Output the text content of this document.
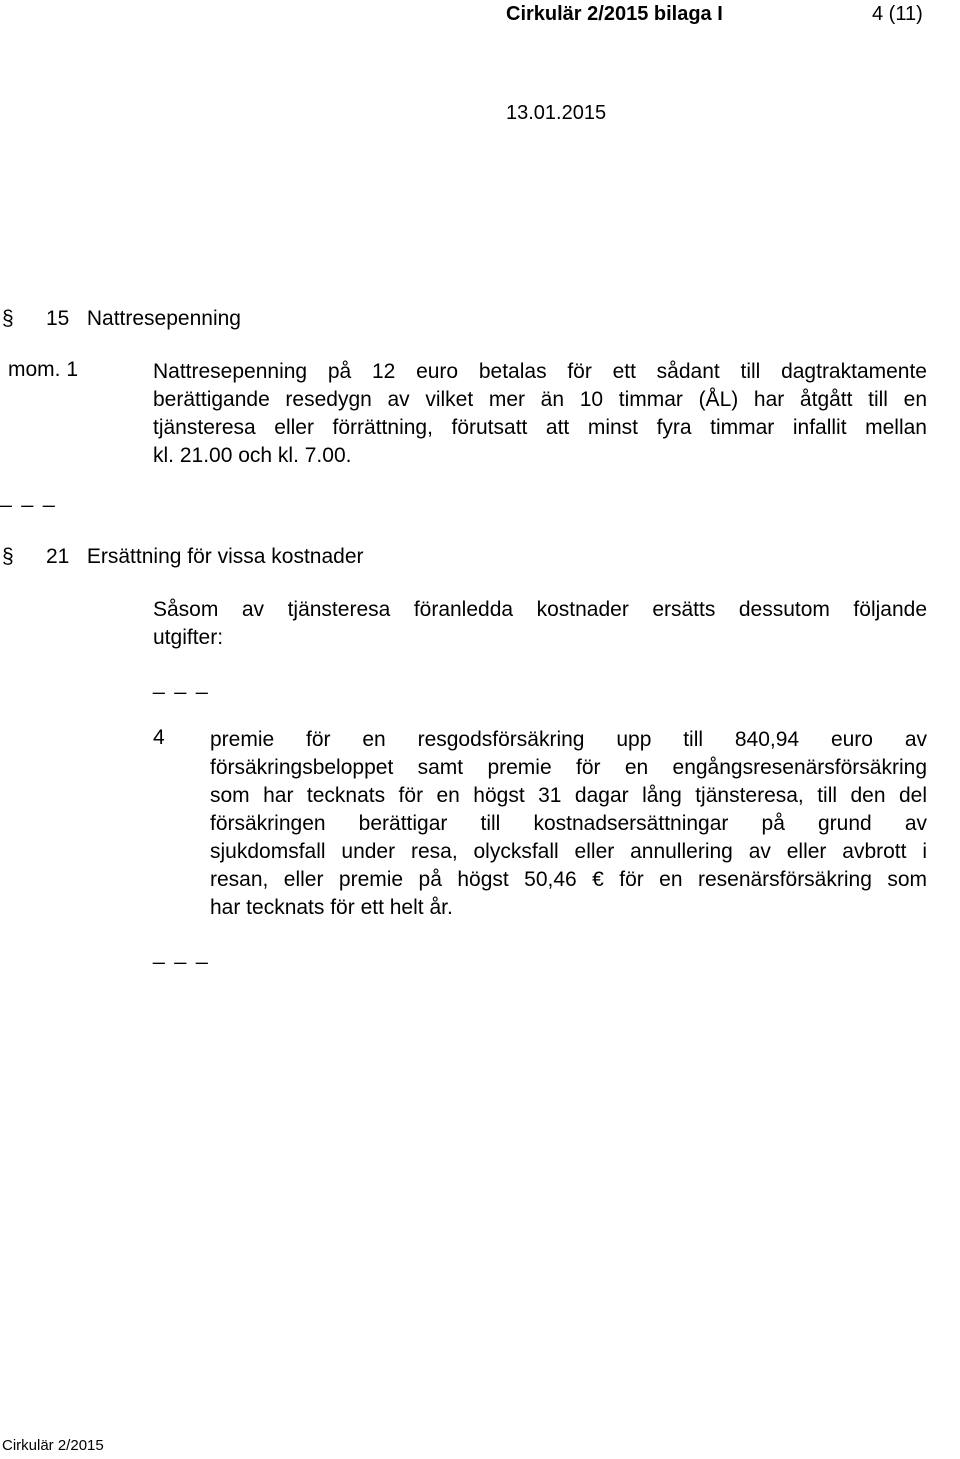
Cirkulär 2/2015 bilaga I	4 (11)
13.01.2015
§ 15 Nattresepenning
mom. 1	Nattresepenning på 12 euro betalas för ett sådant till dagtraktamente
berättigande resedygn av vilket mer än 10 timmar (ÅL) har åtgått till en
tjänsteresa eller förrättning, förutsatt att minst fyra timmar infallit mellan
kl. 21.00 och kl. 7.00.
_ _ _
§ 21 Ersättning för vissa kostnader
Såsom av tjänsteresa föranledda kostnader ersätts dessutom följande
utgifter:
_ _ _
4 premie för en resgodsförsäkring upp till 840,94 euro av
försäkringsbeloppet samt premie för en engångsresenärsförsäkring
som har tecknats för en högst 31 dagar lång tjänsteresa, till den del
försäkringen berättigar till kostnadsersättningar på grund av
sjukdomsfall under resa, olycksfall eller annullering av eller avbrott i
resan, eller premie på högst 50,46 € för en resenärsförsäkring som
har tecknats för ett helt år.
_ _ _
Cirkulär 2/2015
